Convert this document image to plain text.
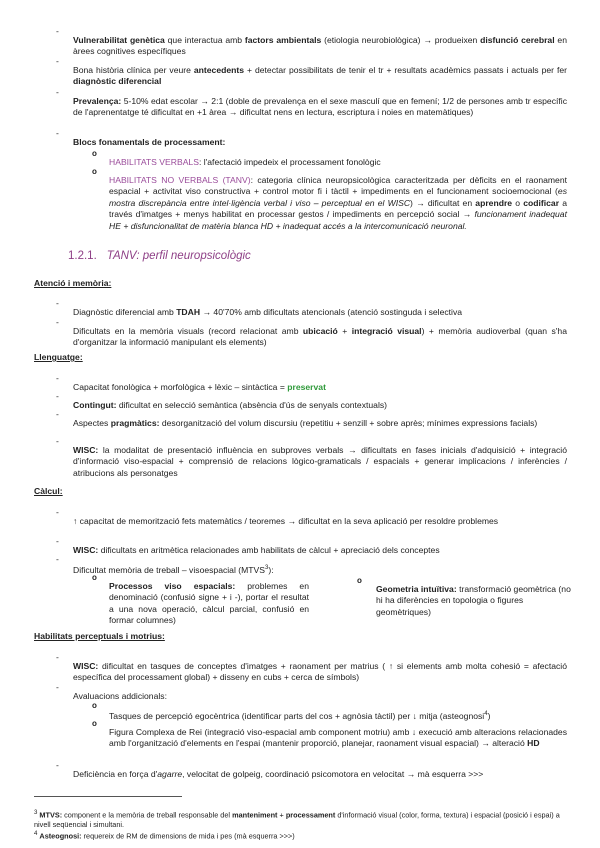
-

Vulnerabilitat genètica que interactua amb factors ambientals (etiologia neurobiològica) → produeixen disfunció cerebral en àrees cognitives específiques

-

Bona història clínica per veure antecedents + detectar possibilitats de tenir el tr + resultats acadèmics passats i actuals per fer diagnòstic diferencial

-

Prevalença: 5-10% edat escolar → 2:1 (doble de prevalença en el sexe masculí que en femení; 1/2 de persones amb tr específic de l'aprenentatge té dificultat en +1 àrea → dificultat nens en lectura, escriptura i noies en matemàtiques)

-

Blocs fonamentals de processament:

o

HABILITATS VERBALS: l'afectació impedeix el processament fonològic

o

HABILITATS NO VERBALS (TANV): categoria clínica neuropsicològica caracteritzada per dèficits en el raonament espacial + activitat viso constructiva + control motor fi i tàctil + impediments en el funcionament socioemocional (es mostra discrepància entre intel·ligència verbal i viso – perceptual en el WISC) → dificultat en aprendre o codificar a través d'imatges + menys habilitat en processar gestos / impediments en percepció social → funcionament inadequat HE + disfuncionalitat de matèria blanca HD + inadequat accés a la intercomunicació neuronal.

1.2.1. TANV: perfil neuropsicològic
Atenció i memòria:
-

Diagnòstic diferencial amb TDAH → 40'70% amb dificultats atencionals (atenció sostinguda i selectiva

-

Dificultats en la memòria visuals (record relacionat amb ubicació + integració visual) + memòria audioverbal (quan s'ha d'organitzar la informació manipulant els elements)

Llenguatge:
-

Capacitat fonològica + morfològica + lèxic – sintàctica = preservat

-

Contingut: dificultat en selecció semàntica (absència d'ús de senyals contextuals)

-

Aspectes pragmàtics: desorganització del volum discursiu (repetitiu + senzill + sobre après; mínimes expressions facials)

-

WISC: la modalitat de presentació influència en subproves verbals → dificultats en fases inicials d'adquisició + integració d'informació viso-espacial + comprensió de relacions lògico-gramaticals / espacials + generar implicacions / inferències / atribucions als personatges

Càlcul:
-

↑ capacitat de memorització fets matemàtics / teoremes → dificultat en la seva aplicació per resoldre problemes

-

WISC: dificultats en aritmètica relacionades amb habilitats de càlcul + apreciació dels conceptes

-

Dificultat memòria de treball – visoespacial (MTVS$^3$):

o

Processos viso espacials: problemes en denominació (confusió signe + i -), portar el resultat a una nova operació, càlcul parcial, confusió en formar columnes)

o

Geometria intuïtiva: transformació geomètrica (no hi ha diferències en topologia o figures geomètriques)

Habilitats perceptuals i motrius:
-

WISC: dificultat en tasques de conceptes d'imatges + raonament per matrius ( ↑ si elements amb molta cohesió = afectació específica del processament global) + disseny en cubs + cerca de símbols)

-

Avaluacions addicionals:

o

Tasques de percepció egocèntrica (identificar parts del cos + agnòsia tàctil) per ↓ mitja (asteognosi$^4$)

o

Figura Complexa de Rei (integració viso-espacial amb component motriu) amb ↓ execució amb alteracions relacionades amb l'organització d'elements en l'espai (mantenir proporció, planejar, raonament visual espacial) → alteració HD

-

Deficiència en força d'agarre, velocitat de golpeig, coordinació psicomotora en velocitat → mà esquerra >>>

$^3$ MTVS: component e la memòria de treball responsable del manteniment + processament d'informació visual (color, forma, textura) i espacial (posició i espai) a nivell seqüencial i simultani.

$^4$ Asteognosi: requereix de RM de dimensions de mida i pes (mà esquerra >>>)
